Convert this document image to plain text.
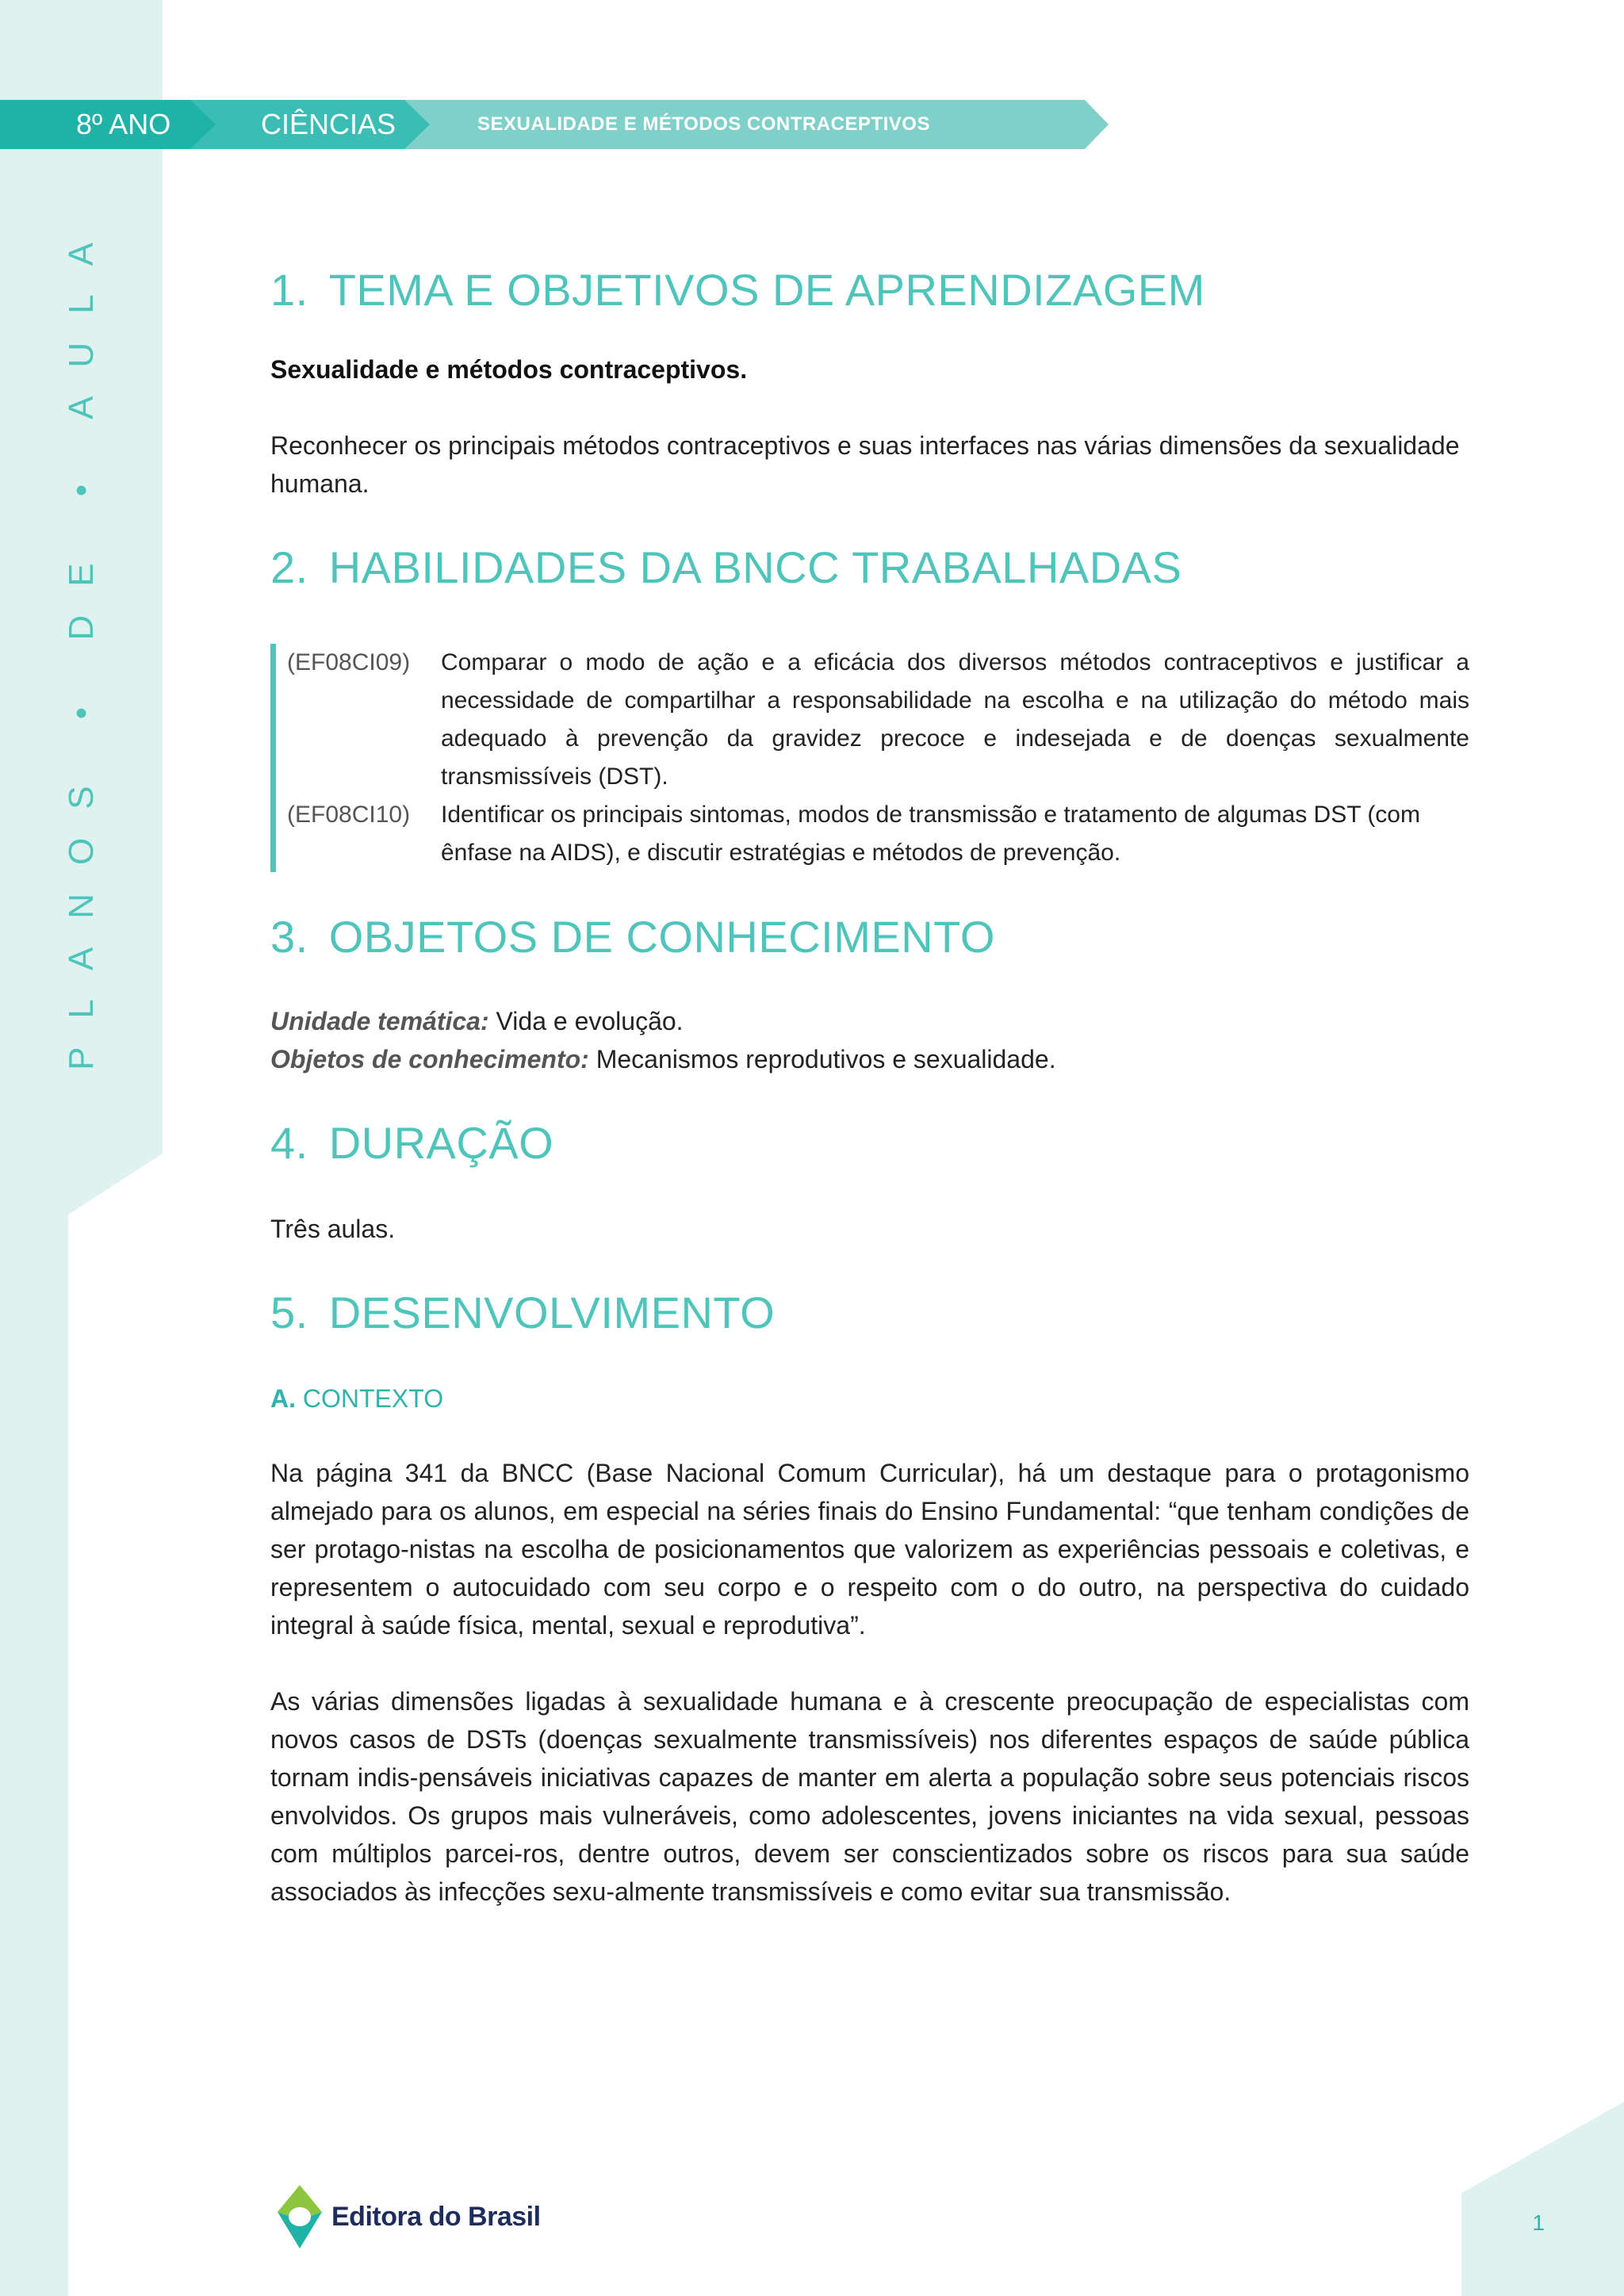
PLANOS • DE • AULA
8º ANO	CIÊNCIAS	SEXUALIDADE E MÉTODOS CONTRACEPTIVOS
1. TEMA E OBJETIVOS DE APRENDIZAGEM

Sexualidade e métodos contraceptivos.

Reconhecer os principais métodos contraceptivos e suas interfaces nas várias dimensões da sexualidade humana.

2. HABILIDADES DA BNCC TRABALHADAS
(EF08CI09)	Comparar o modo de ação e a eficácia dos diversos métodos contraceptivos e justificar a necessidade de compartilhar a responsabilidade na escolha e na utilização do método mais adequado à prevenção da gravidez precoce e indesejada e de doenças sexualmente transmissíveis (DST).
(EF08CI10)	Identificar os principais sintomas, modos de transmissão e tratamento de algumas DST (com ênfase na AIDS), e discutir estratégias e métodos de prevenção.
3. OBJETOS DE CONHECIMENTO

Unidade temática: Vida e evolução.

Objetos de conhecimento: Mecanismos reprodutivos e sexualidade.

4. DURAÇÃO

Três aulas.

5. DESENVOLVIMENTO

A. CONTEXTO

Na página 341 da BNCC (Base Nacional Comum Curricular), há um destaque para o protagonismo almejado para os alunos, em especial na séries finais do Ensino Fundamental: “que tenham condições de ser protago-nistas na escolha de posicionamentos que valorizem as experiências pessoais e coletivas, e representem o autocuidado com seu corpo e o respeito com o do outro, na perspectiva do cuidado integral à saúde física, mental, sexual e reprodutiva”.

As várias dimensões ligadas à sexualidade humana e à crescente preocupação de especialistas com novos casos de DSTs (doenças sexualmente transmissíveis) nos diferentes espaços de saúde pública tornam indis-pensáveis iniciativas capazes de manter em alerta a população sobre seus potenciais riscos envolvidos. Os grupos mais vulneráveis, como adolescentes, jovens iniciantes na vida sexual, pessoas com múltiplos parcei-ros, dentre outros, devem ser conscientizados sobre os riscos para sua saúde associados às infecções sexu-almente transmissíveis e como evitar sua transmissão.

Editora do Brasil	1
